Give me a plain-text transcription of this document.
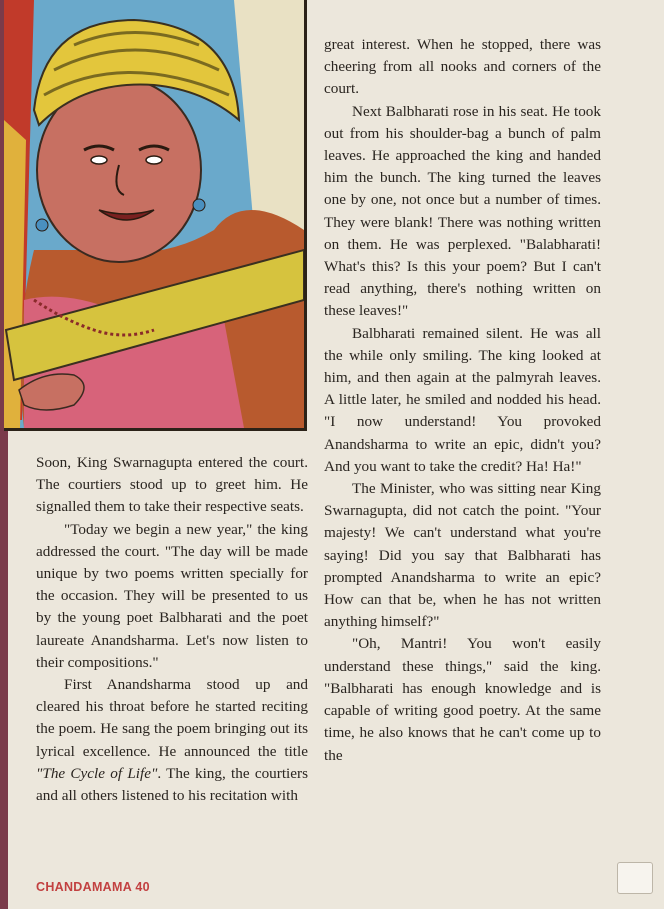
Soon, King Swarnagupta entered the court. The courtiers stood up to greet him. He signalled them to take their respective seats.

"Today we begin a new year," the king addressed the court. "The day will be made unique by two poems written specially for the occasion. They will be presented to us by the young poet Balbharati and the poet laureate Anandsharma. Let's now listen to their compositions."

First Anandsharma stood up and cleared his throat before he started reciting the poem. He sang the poem bringing out its lyrical excellence. He announced the title "The Cycle of Life". The king, the courtiers and all others listened to his recitation with

great interest. When he stopped, there was cheering from all nooks and corners of the court.

Next Balbharati rose in his seat. He took out from his shoulder-bag a bunch of palm leaves. He approached the king and handed him the bunch. The king turned the leaves one by one, not once but a number of times. They were blank! There was nothing written on them. He was perplexed. "Balabharati! What's this? Is this your poem? But I can't read anything, there's nothing written on these leaves!"

Balbharati remained silent. He was all the while only smiling. The king looked at him, and then again at the palmyrah leaves. A little later, he smiled and nodded his head. "I now understand! You provoked Anandsharma to write an epic, didn't you? And you want to take the credit? Ha! Ha!"

The Minister, who was sitting near King Swarnagupta, did not catch the point. "Your majesty! We can't understand what you're saying! Did you say that Balbharati has prompted Anandsharma to write an epic? How can that be, when he has not written anything himself?"

"Oh, Mantri! You won't easily understand these things," said the king. "Balbharati has enough knowledge and is capable of writing good poetry. At the same time, he also knows that he can't come up to the

CHANDAMAMA 40
